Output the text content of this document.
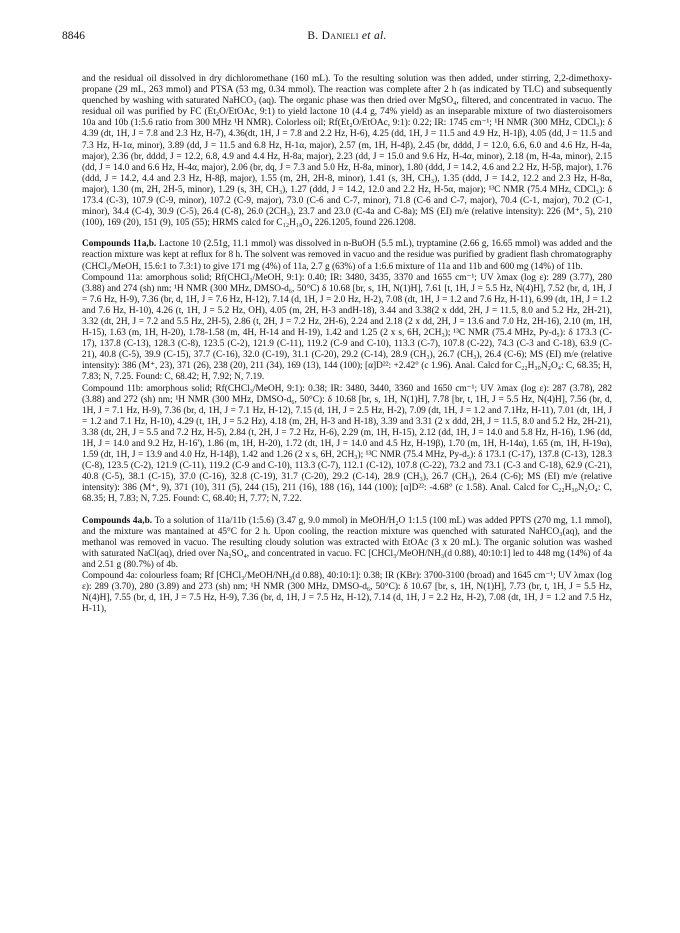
8846	B. Danieli et al.

and the residual oil dissolved in dry dichloromethane (160 mL). To the resulting solution was then added, under stirring, 2,2-dimethoxy-propane (29 mL, 263 mmol) and PTSA (53 mg, 0.34 mmol). The reaction was complete after 2 h (as indicated by TLC) and subsequently quenched by washing with saturated NaHCO₃ (aq). The organic phase was then dried over MgSO₄, filtered, and concentrated in vacuo. The residual oil was purified by FC (Et₂O/EtOAc, 9:1) to yield lactone 10 (4.4 g, 74% yield) as an inseparable mixture of two diasteroisomers 10a and 10b (1:5.6 ratio from 300 MHz ¹H NMR). Colorless oil; Rf(Et₂O/EtOAc, 9:1): 0.22; IR: 1745 cm⁻¹; ¹H NMR (300 MHz, CDCl₃): δ 4.39 (dt, 1H, J = 7.8 and 2.3 Hz, H-7), 4.36(dt, 1H, J = 7.8 and 2.2 Hz, H-6), 4.25 (dd, 1H, J = 11.5 and 4.9 Hz, H-1β), 4.05 (dd, J = 11.5 and 7.3 Hz, H-1α, minor), 3.89 (dd, J = 11.5 and 6.8 Hz, H-1α, major), 2.57 (m, 1H, H-4β), 2.45 (br, dddd, J = 12.0, 6.6, 6.0 and 4.6 Hz, H-4a, major), 2.36 (br, dddd, J = 12.2, 6.8, 4.9 and 4.4 Hz, H-8a, major), 2.23 (dd, J = 15.0 and 9.6 Hz, H-4α, minor), 2.18 (m, H-4a, minor), 2.15 (dd, J = 14.0 and 6.6 Hz, H-4α, major), 2.06 (br, dq, J = 7.3 and 5.0 Hz, H-8a, minor), 1.80 (ddd, J = 14.2, 4.6 and 2.2 Hz, H-5β, major), 1.76 (ddd, J = 14.2, 4.4 and 2.3 Hz, H-8β, major), 1.55 (m, 2H, 2H-8, minor), 1.41 (s, 3H, CH₃), 1.35 (ddd, J = 14.2, 12.2 and 2.3 Hz, H-8α, major), 1.30 (m, 2H, 2H-5, minor), 1.29 (s, 3H, CH₃), 1.27 (ddd, J = 14.2, 12.0 and 2.2 Hz, H-5α, major); ¹³C NMR (75.4 MHz, CDCl₃): δ 173.4 (C-3), 107.9 (C-9, minor), 107.2 (C-9, major), 73.0 (C-6 and C-7, minor), 71.8 (C-6 and C-7, major), 70.4 (C-1, major), 70.2 (C-1, minor), 34.4 (C-4), 30.9 (C-5), 26.4 (C-8), 26.0 (2CH₃), 23.7 and 23.0 (C-4a and C-8a); MS (EI) m/e (relative intensity): 226 (M⁺, 5), 210 (100), 169 (20), 151 (9), 105 (55); HRMS calcd for C₁₂H₁₈O₄ 226.1205, found 226.1208.

Compounds 11a,b. Lactone 10 (2.51g, 11.1 mmol) was dissolved in n-BuOH (5.5 mL), tryptamine (2.66 g, 16.65 mmol) was added and the reaction mixture was kept at reflux for 8 h. The solvent was removed in vacuo and the residue was purified by gradient flash chromatography (CHCl₃/MeOH, 15.6:1 to 7.3:1) to give 171 mg (4%) of 11a, 2.7 g (63%) of a 1:6.6 mixture of 11a and 11b and 600 mg (14%) of 11b.

Compound 11a: amorphous solid; Rf(CHCl₃/MeOH, 9:1): 0.40; IR: 3480, 3435, 3370 and 1655 cm⁻¹; UV λmax (log ε): 289 (3.77), 280 (3.88) and 274 (sh) nm; ¹H NMR (300 MHz, DMSO-d₆, 50°C) δ 10.68 [br, s, 1H, N(1)H], 7.61 [t, 1H, J = 5.5 Hz, N(4)H], 7.52 (br, d, 1H, J = 7.6 Hz, H-9), 7.36 (br, d, 1H, J = 7.6 Hz, H-12), 7.14 (d, 1H, J = 2.0 Hz, H-2), 7.08 (dt, 1H, J = 1.2 and 7.6 Hz, H-11), 6.99 (dt, 1H, J = 1.2 and 7.6 Hz, H-10), 4.26 (t, 1H, J = 5.2 Hz, OH), 4.05 (m, 2H, H-3 andH-18), 3.44 and 3.38(2 x ddd, 2H, J = 11.5, 8.0 and 5.2 Hz, 2H-21), 3.32 (dt, 2H, J = 7.2 and 5.5 Hz, 2H-5), 2.86 (t, 2H, J = 7.2 Hz, 2H-6), 2.24 and 2.18 (2 x dd, 2H, J = 13.6 and 7.0 Hz, 2H-16), 2.10 (m, 1H, H-15), 1.63 (m, 1H, H-20), 1.78-1.58 (m, 4H, H-14 and H-19), 1.42 and 1.25 (2 x s, 6H, 2CH₃); ¹³C NMR (75.4 MHz, Py-d₅): δ 173.3 (C-17), 137.8 (C-13), 128.3 (C-8), 123.5 (C-2), 121.9 (C-11), 119.2 (C-9 and C-10), 113.3 (C-7), 107.8 (C-22), 74.3 (C-3 and C-18), 63.9 (C-21), 40.8 (C-5), 39.9 (C-15), 37.7 (C-16), 32.0 (C-19), 31.1 (C-20), 29.2 (C-14), 28.9 (CH₃), 26.7 (CH₃), 26.4 (C-6); MS (EI) m/e (relative intensity): 386 (M⁺, 23), 371 (26), 238 (20), 211 (34), 169 (13), 144 (100); [α]D²²: +2.42° (c 1.96). Anal. Calcd for C₂₂H₃₀N₂O₄: C, 68.35; H, 7.83; N, 7.25. Found: C, 68.42; H, 7.92; N, 7.19.

Compound 11b: amorphous solid; Rf(CHCl₃/MeOH, 9:1): 0.38; IR: 3480, 3440, 3360 and 1650 cm⁻¹; UV λmax (log ε): 287 (3.78), 282 (3.88) and 272 (sh) nm; ¹H NMR (300 MHz, DMSO-d₆, 50°C): δ 10.68 [br, s, 1H, N(1)H], 7.78 [br, t, 1H, J = 5.5 Hz, N(4)H], 7.56 (br, d, 1H, J = 7.1 Hz, H-9), 7.36 (br, d, 1H, J = 7.1 Hz, H-12), 7.15 (d, 1H, J = 2.5 Hz, H-2), 7.09 (dt, 1H, J = 1.2 and 7.1Hz, H-11), 7.01 (dt, 1H, J = 1.2 and 7.1 Hz, H-10), 4.29 (t, 1H, J = 5.2 Hz), 4.18 (m, 2H, H-3 and H-18), 3.39 and 3.31 (2 x ddd, 2H, J = 11.5, 8.0 and 5.2 Hz, 2H-21), 3.38 (dt, 2H, J = 5.5 and 7.2 Hz, H-5), 2.84 (t, 2H, J = 7.2 Hz, H-6), 2.29 (m, 1H, H-15), 2.12 (dd, 1H, J = 14.0 and 5.8 Hz, H-16), 1.96 (dd, 1H, J = 14.0 and 9.2 Hz, H-16'), 1.86 (m, 1H, H-20), 1.72 (dt, 1H, J = 14.0 and 4.5 Hz, H-19β), 1.70 (m, 1H, H-14α), 1.65 (m, 1H, H-19α), 1.59 (dt, 1H, J = 13.9 and 4.0 Hz, H-14β), 1.42 and 1.26 (2 x s, 6H, 2CH₃); ¹³C NMR (75.4 MHz, Py-d₅): δ 173.1 (C-17), 137.8 (C-13), 128.3 (C-8), 123.5 (C-2), 121.9 (C-11), 119.2 (C-9 and C-10), 113.3 (C-7), 112.1 (C-12), 107.8 (C-22), 73.2 and 73.1 (C-3 and C-18), 62.9 (C-21), 40.8 (C-5), 38.1 (C-15), 37.0 (C-16), 32.8 (C-19), 31.7 (C-20), 29.2 (C-14), 28.9 (CH₃), 26.7 (CH₃), 26.4 (C-6); MS (EI) m/e (relative intensity): 386 (M⁺, 9), 371 (10), 311 (5), 244 (15), 211 (16), 188 (16), 144 (100); [α]D²²: -4.68° (c 1.58). Anal. Calcd for C₂₂H₃₀N₂O₄: C, 68.35; H, 7.83; N, 7.25. Found: C, 68.40; H, 7.77; N, 7.22.

Compounds 4a,b. To a solution of 11a/11b (1:5.6) (3.47 g, 9.0 mmol) in MeOH/H₂O 1:1.5 (100 mL) was added PPTS (270 mg, 1.1 mmol), and the mixture was mantained at 45°C for 2 h. Upon cooling, the reaction mixture was quenched with saturated NaHCO₃(aq), and the methanol was removed in vacuo. The resulting cloudy solution was extracted with EtOAc (3 x 20 mL). The organic solution was washed with saturated NaCl(aq), dried over Na₂SO₄, and concentrated in vacuo. FC [CHCl₃/MeOH/NH₃(d 0.88), 40:10:1] led to 448 mg (14%) of 4a and 2.51 g (80.7%) of 4b.

Compound 4a: colourless foam; Rf [CHCl₃/MeOH/NH₃(d 0.88), 40:10:1]: 0.38; IR (KBr): 3700-3100 (broad) and 1645 cm⁻¹; UV λmax (log ε): 289 (3.70), 280 (3.89) and 273 (sh) nm; ¹H NMR (300 MHz, DMSO-d₆, 50°C): δ 10.67 [br, s, 1H, N(1)H], 7.73 (br, t, 1H, J = 5.5 Hz, N(4)H], 7.55 (br, d, 1H, J = 7.5 Hz, H-9), 7.36 (br, d, 1H, J = 7.5 Hz, H-12), 7.14 (d, 1H, J = 2.2 Hz, H-2), 7.08 (dt, 1H, J = 1.2 and 7.5 Hz, H-11),
